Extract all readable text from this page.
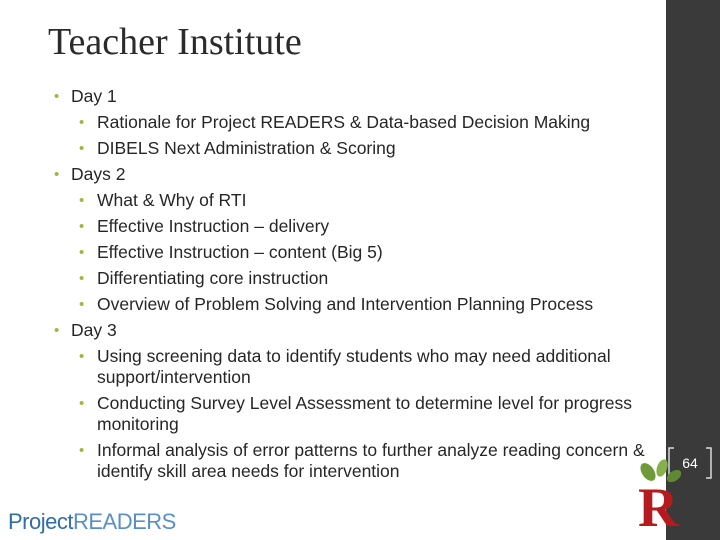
Teacher Institute
• Day 1
• Rationale for Project READERS & Data-based Decision Making
• DIBELS Next Administration & Scoring
• Days 2
• What & Why of RTI
• Effective Instruction – delivery
• Effective Instruction – content (Big 5)
• Differentiating core instruction
• Overview of Problem Solving and Intervention Planning Process
• Day 3
• Using screening data to identify students who may need additional support/intervention
• Conducting Survey Level Assessment to determine level for progress monitoring
• Informal analysis of error patterns to further analyze reading concern & identify skill area needs for intervention	64
R
ProjectREADERS
